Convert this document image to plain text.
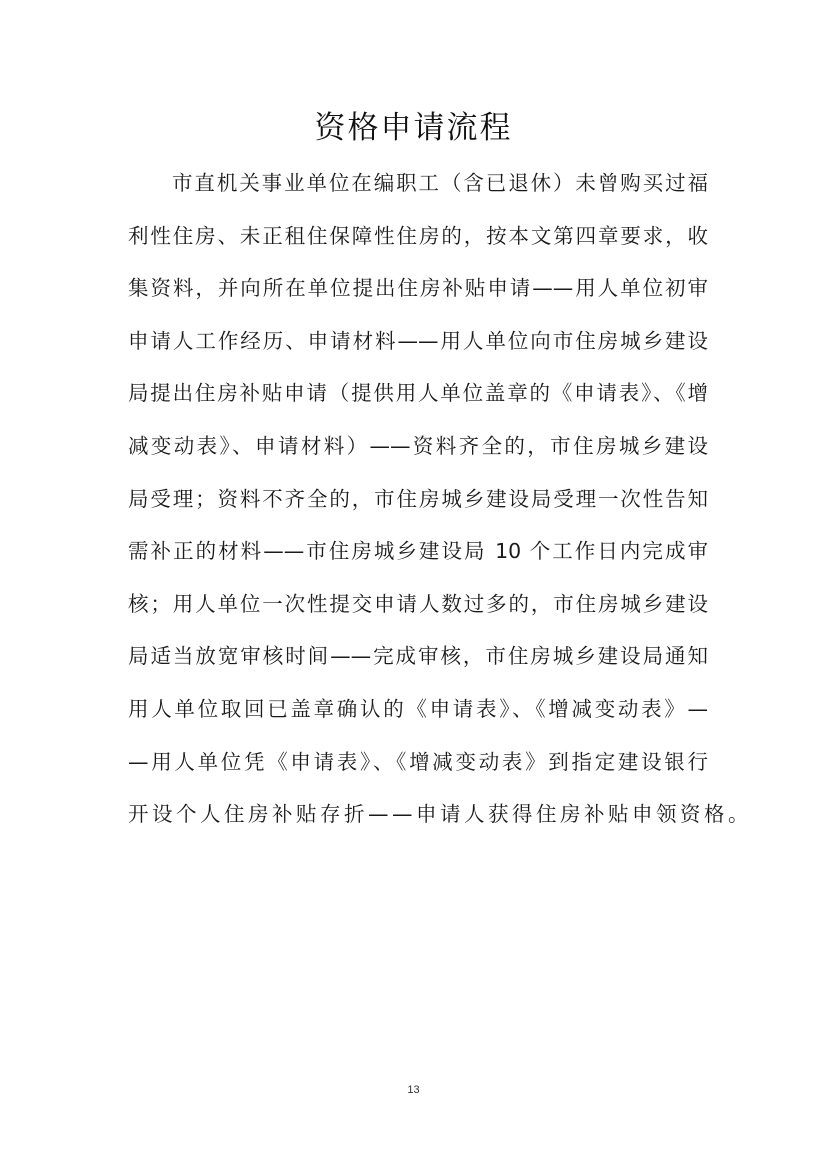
资格申请流程
市直机关事业单位在编职工（含已退休）未曾购买过福
利性住房、未正租住保障性住房的，按本文第四章要求，收
集资料，并向所在单位提出住房补贴申请——用人单位初审
申请人工作经历、申请材料——用人单位向市住房城乡建设
局提出住房补贴申请（提供用人单位盖章的《申请表》、《增
减变动表》、申请材料）——资料齐全的，市住房城乡建设
局受理；资料不齐全的，市住房城乡建设局受理一次性告知
需补正的材料——市住房城乡建设局 10 个工作日内完成审
核；用人单位一次性提交申请人数过多的，市住房城乡建设
局适当放宽审核时间——完成审核，市住房城乡建设局通知
用人单位取回已盖章确认的《申请表》、《增减变动表》—
—用人单位凭《申请表》、《增减变动表》到指定建设银行
开设个人住房补贴存折——申请人获得住房补贴申领资格。
13
